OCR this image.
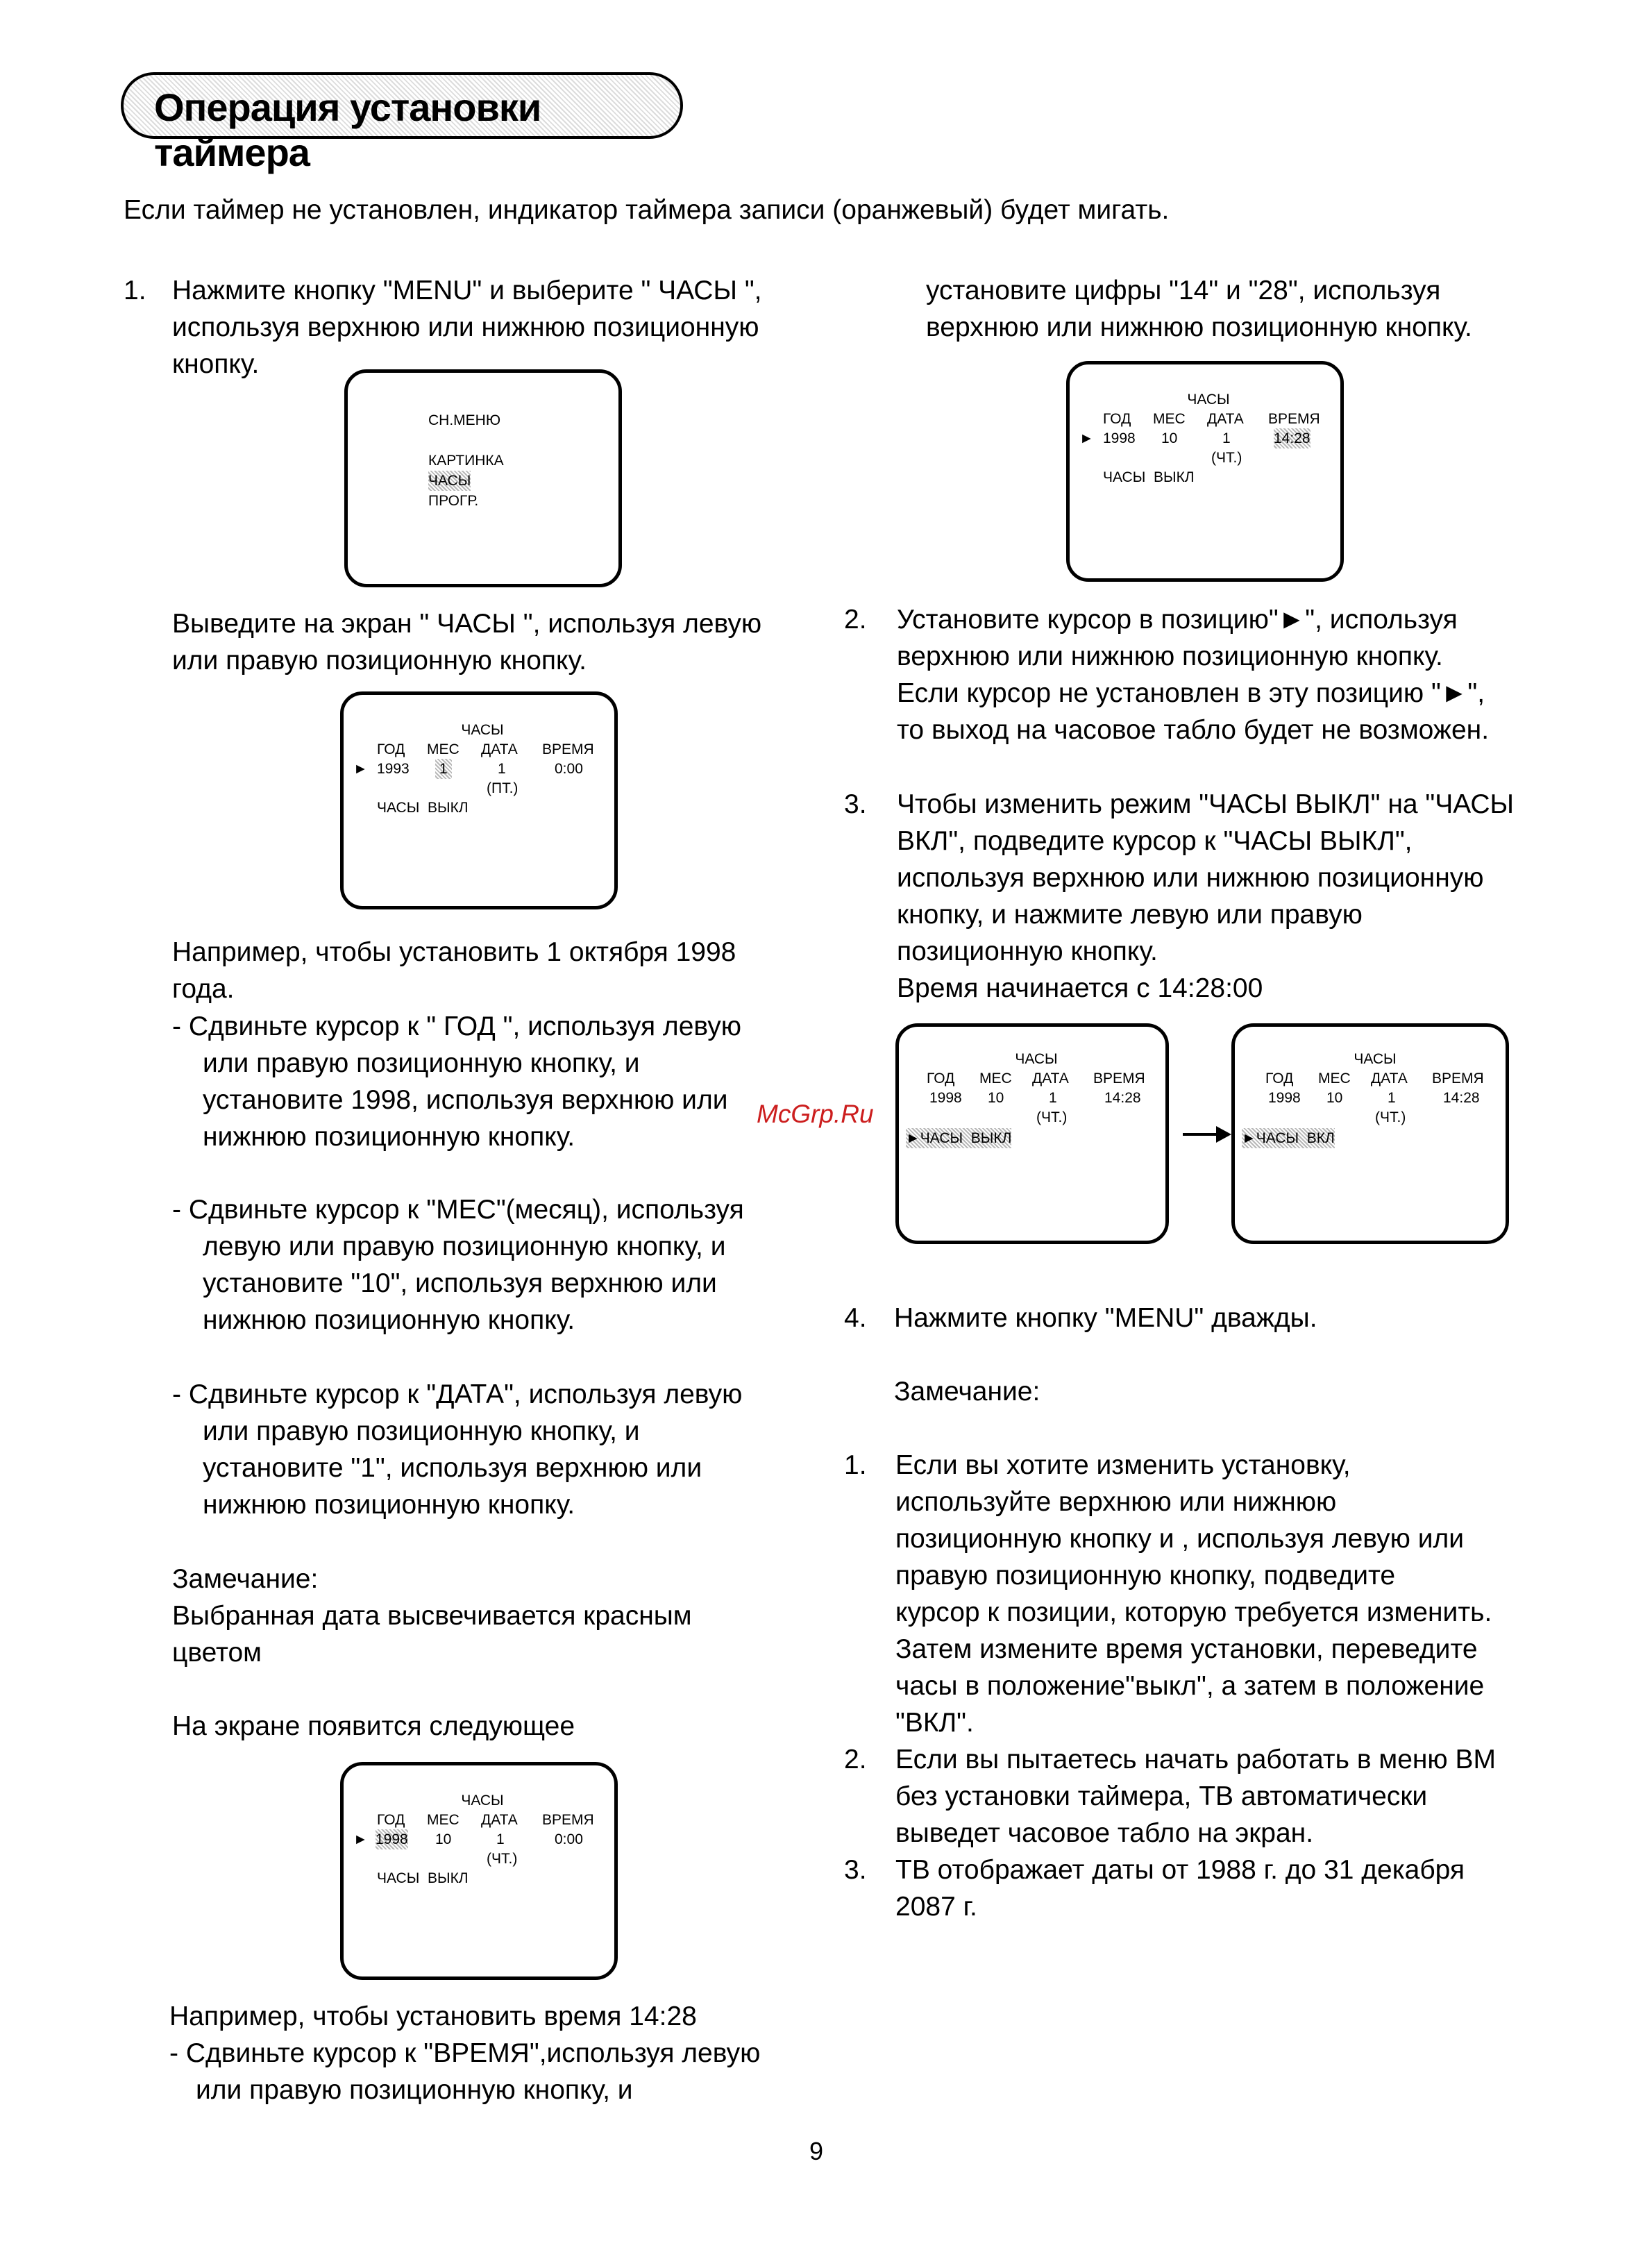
Операция установки таймера
Если таймер не установлен, индикатор таймера записи (оранжевый) будет мигать.
1. Нажмите кнопку "MENU" и выберите " ЧАСЫ ",
используя верхнюю или нижнюю позиционную
кнопку.
СН.МЕНЮ
КАРТИНКА
ЧАСЫ
ПРОГР.
Выведите на экран " ЧАСЫ ", используя левую
или правую позиционную кнопку.
ЧАСЫ
ГОД МЕС ДАТА ВРЕМЯ
► 1993 1	1	0:00
(ПТ.)
ЧАСЫ  ВЫКЛ
Например, чтобы установить 1 октября 1998
года.
- Сдвиньте курсор к " ГОД ", используя левую
или правую позиционную кнопку, и
установите 1998, используя верхнюю или
нижнюю позиционную кнопку.
- Сдвиньте курсор к "МЕС"(месяц), используя
левую или правую позиционную кнопку, и
установите "10", используя верхнюю или
нижнюю позиционную кнопку.
- Сдвиньте курсор к "ДАТА", используя левую
или правую позиционную кнопку, и
установите "1", используя верхнюю или
нижнюю позиционную кнопку.
Замечание:
Выбранная дата высвечивается красным
цветом
На экране появится следующее
ЧАСЫ
ГОД МЕС ДАТА ВРЕМЯ
► 1998 10	1	0:00
(ЧТ.)
ЧАСЫ  ВЫКЛ
Например, чтобы установить время 14:28
- Сдвиньте курсор к "ВРЕМЯ",используя левую
или правую позиционную кнопку, и
установите цифры "14" и "28", используя
верхнюю или нижнюю позиционную кнопку.
ЧАСЫ
ГОД МЕС ДАТА ВРЕМЯ
► 1998 10	1	14:28
(ЧТ.)
ЧАСЫ  ВЫКЛ
2. Установите курсор в позицию"►", используя
верхнюю или нижнюю позиционную кнопку.
Если курсор не установлен в эту позицию "►",
то выход на часовое табло будет не возможен.
3. Чтобы изменить режим "ЧАСЫ ВЫКЛ" на "ЧАСЫ
ВКЛ", подведите курсор к "ЧАСЫ ВЫКЛ",
используя верхнюю или нижнюю позиционную
кнопку, и нажмите левую или правую
позиционную кнопку.
Время начинается с 14:28:00
ЧАСЫ
ГОД МЕС ДАТА ВРЕМЯ
1998 10	1	14:28
(ЧТ.)
►ЧАСЫ  ВЫКЛ
ЧАСЫ
ГОД МЕС ДАТА ВРЕМЯ
1998 10	1	14:28
(ЧТ.)
►ЧАСЫ  ВКЛ
4. Нажмите кнопку "MENU" дважды.
Замечание:
1. Если вы хотите изменить установку,
используйте верхнюю или нижнюю
позиционную кнопку и , используя левую или
правую позиционную кнопку, подведите
курсор к позиции, которую требуется изменить.
Затем измените время установки, переведите
часы в положение"выкл", а затем в положение
"ВКЛ".
2. Если вы пытаетесь начать работать в меню ВМ
без установки таймера, ТВ автоматически
выведет часовое табло на экран.
3. ТВ отображает даты от 1988 г. до 31 декабря
2087 г.
McGrp.Ru
9
